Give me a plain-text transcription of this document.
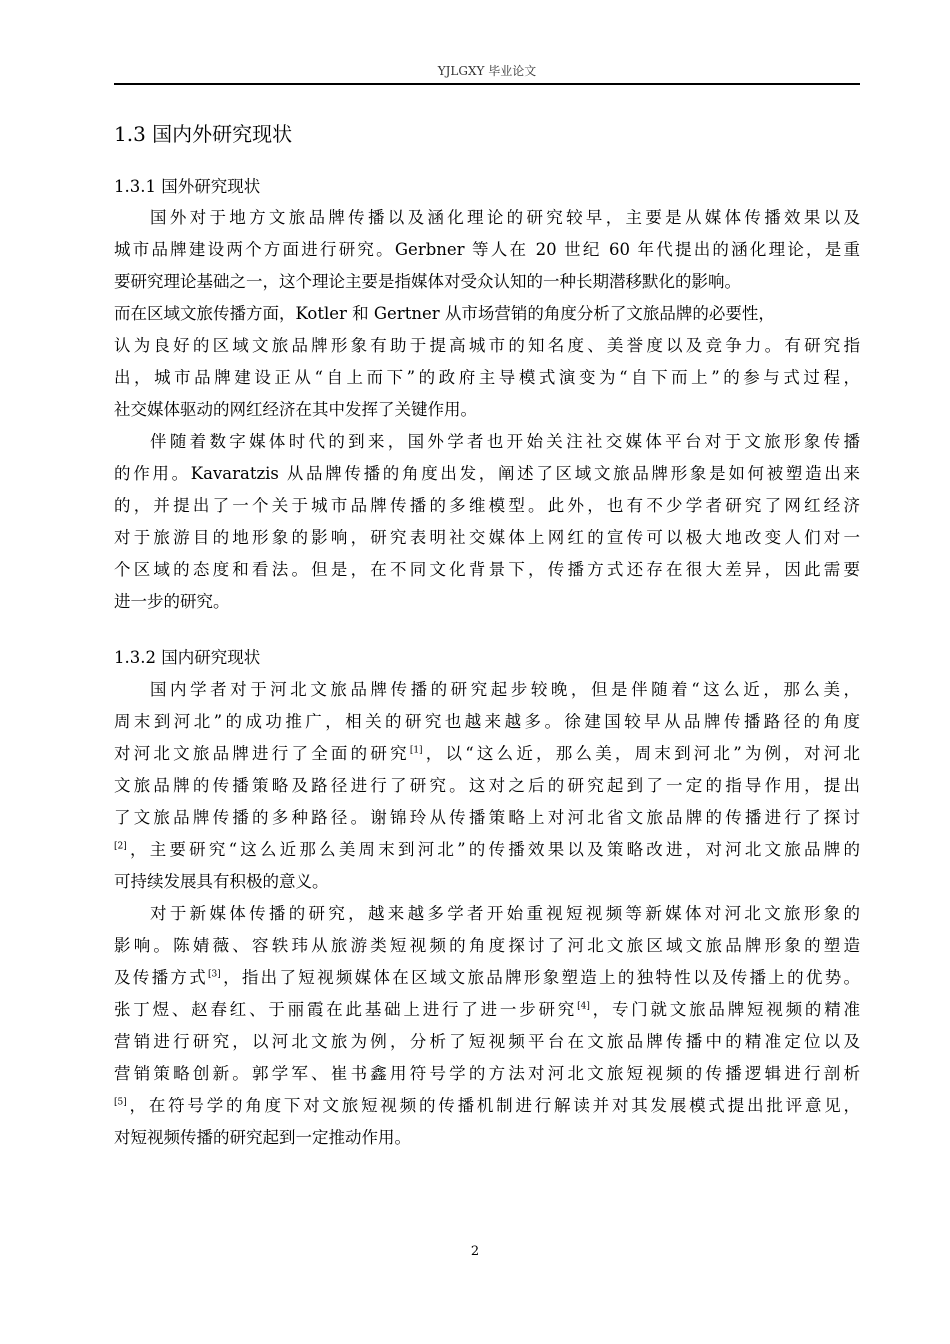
YJLGXY 毕业论文
1.3 国内外研究现状
1.3.1 国外研究现状
国外对于地方文旅品牌传播以及涵化理论的研究较早，主要是从媒体传播效果以及
城市品牌建设两个方面进行研究。Gerbner 等人在 20 世纪 60 年代提出的涵化理论，是重
要研究理论基础之一，这个理论主要是指媒体对受众认知的一种长期潜移默化的影响。
而在区域文旅传播方面，Kotler 和 Gertner 从市场营销的角度分析了文旅品牌的必要性，
认为良好的区域文旅品牌形象有助于提高城市的知名度、美誉度以及竞争力。有研究指
出，城市品牌建设正从“自上而下”的政府主导模式演变为“自下而上”的参与式过程，
社交媒体驱动的网红经济在其中发挥了关键作用。
伴随着数字媒体时代的到来，国外学者也开始关注社交媒体平台对于文旅形象传播
的作用。Kavaratzis 从品牌传播的角度出发，阐述了区域文旅品牌形象是如何被塑造出来
的，并提出了一个关于城市品牌传播的多维模型。此外，也有不少学者研究了网红经济
对于旅游目的地形象的影响，研究表明社交媒体上网红的宣传可以极大地改变人们对一
个区域的态度和看法。但是，在不同文化背景下，传播方式还存在很大差异，因此需要
进一步的研究。
1.3.2 国内研究现状
国内学者对于河北文旅品牌传播的研究起步较晚，但是伴随着“这么近，那么美，
周末到河北”的成功推广，相关的研究也越来越多。徐建国较早从品牌传播路径的角度
对河北文旅品牌进行了全面的研究[1]，以“这么近，那么美，周末到河北”为例，对河北
文旅品牌的传播策略及路径进行了研究。这对之后的研究起到了一定的指导作用，提出
了文旅品牌传播的多种路径。谢锦玲从传播策略上对河北省文旅品牌的传播进行了探讨
[2]，主要研究“这么近那么美周末到河北”的传播效果以及策略改进，对河北文旅品牌的
可持续发展具有积极的意义。
对于新媒体传播的研究，越来越多学者开始重视短视频等新媒体对河北文旅形象的
影响。陈婧薇、容轶玮从旅游类短视频的角度探讨了河北文旅区域文旅品牌形象的塑造
及传播方式[3]，指出了短视频媒体在区域文旅品牌形象塑造上的独特性以及传播上的优势。
张丁煜、赵春红、于丽霞在此基础上进行了进一步研究[4]，专门就文旅品牌短视频的精准
营销进行研究，以河北文旅为例，分析了短视频平台在文旅品牌传播中的精准定位以及
营销策略创新。郭学军、崔书鑫用符号学的方法对河北文旅短视频的传播逻辑进行剖析
[5]，在符号学的角度下对文旅短视频的传播机制进行解读并对其发展模式提出批评意见，
对短视频传播的研究起到一定推动作用。
2
